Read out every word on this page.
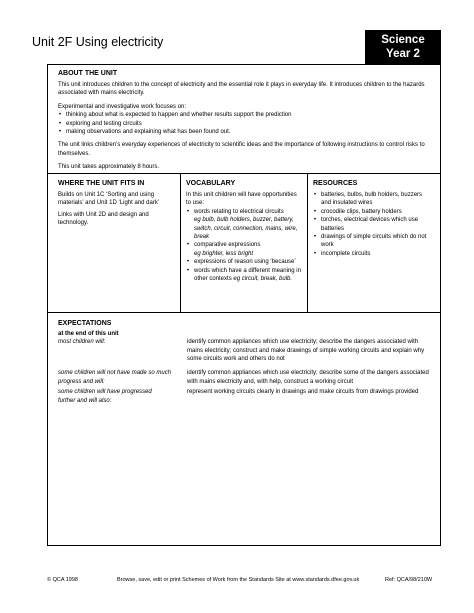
Unit 2F Using electricity	Science
Year 2
ABOUT THE UNIT

This unit introduces children to the concept of electricity and the essential role it plays in everyday life. It introduces children to the hazards associated with mains electricity.

Experimental and investigative work focuses on:

• thinking about what is expected to happen and whether results support the prediction
• exploring and testing circuits
• making observations and explaining what has been found out.

The unit links children’s everyday experiences of electricity to scientific ideas and the importance of following instructions to control risks to themselves.

This unit takes approximately 8 hours.

WHERE THE UNIT FITS IN

Builds on Unit 1C ‘Sorting and using materials’ and Unit 1D ‘Light and dark’

Links with Unit 2D and design and technology.

VOCABULARY

In this unit children will have opportunities to use:

• words relating to electrical circuits
eg bulb, bulb holders, buzzer, battery, switch, circuit, connection, mains, wire, break
• comparative expressions
eg brighter, less bright
• expressions of reason using ‘because’
• words which have a different meaning in other contexts eg circuit, break, bulb.
RESOURCES
• batteries, bulbs, bulb holders, buzzers and insulated wires
• crocodile clips, battery holders
• torches, electrical devices which use batteries
• drawings of simple circuits which do not work
• incomplete circuits
EXPECTATIONS
at the end of this unit
most children will:	identify common appliances which use electricity; describe the dangers associated with mains electricity; construct and make drawings of simple working circuits and explain why some circuits work and others do not
some children will not have made so much progress and will:
identify common appliances which use electricity; describe some of the dangers associated with mains electricity and, with help, construct a working circuit
some children will have progressed further and will also:
represent working circuits clearly in drawings and make circuits from drawings provided
© QCA 1998	Browse, save, edit or print Schemes of Work from the Standards Site at www.standards.dfee.gov.uk	Ref: QCA/98/210W
